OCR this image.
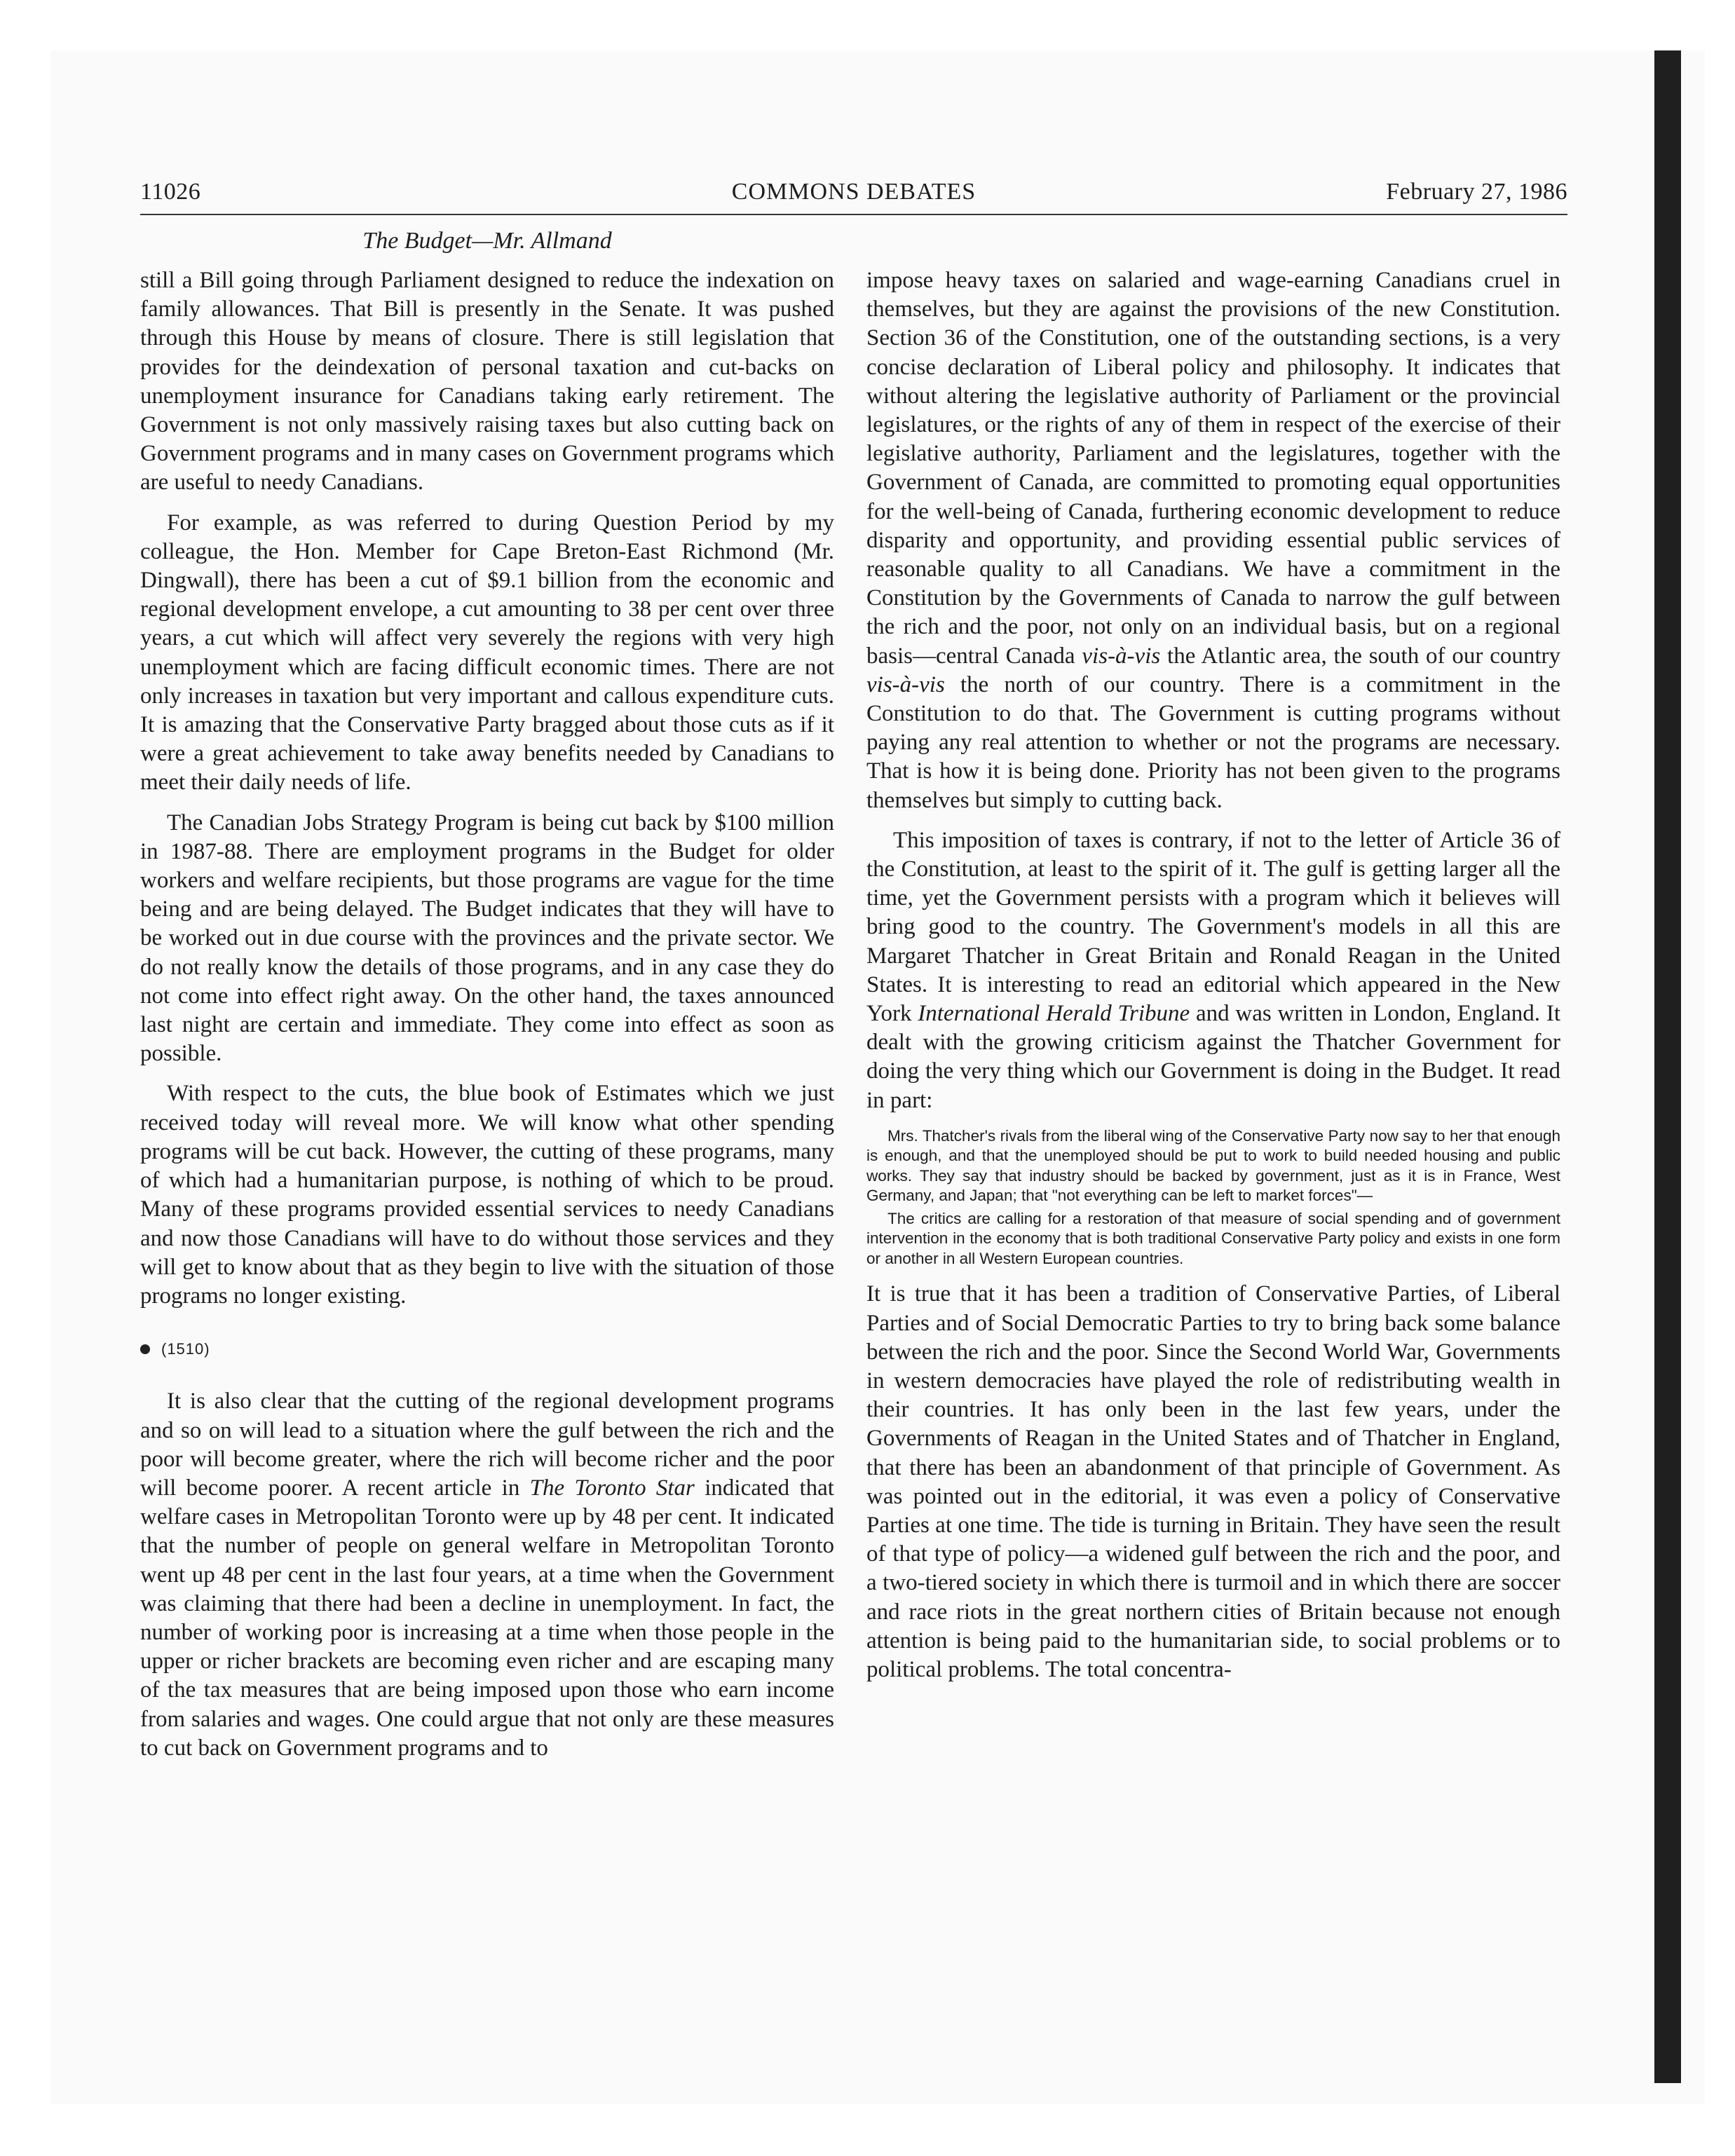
COMMONS DEBATES
11026	February 27, 1986
The Budget—Mr. Allmand

still a Bill going through Parliament designed to reduce the indexation on family allowances. That Bill is presently in the Senate. It was pushed through this House by means of closure. There is still legislation that provides for the deindexation of personal taxation and cut-backs on unemployment insurance for Canadians taking early retirement. The Government is not only massively raising taxes but also cutting back on Government programs and in many cases on Government programs which are useful to needy Canadians.

For example, as was referred to during Question Period by my colleague, the Hon. Member for Cape Breton-East Richmond (Mr. Dingwall), there has been a cut of $9.1 billion from the economic and regional development envelope, a cut amounting to 38 per cent over three years, a cut which will affect very severely the regions with very high unemployment which are facing difficult economic times. There are not only increases in taxation but very important and callous expenditure cuts. It is amazing that the Conservative Party bragged about those cuts as if it were a great achievement to take away benefits needed by Canadians to meet their daily needs of life.

The Canadian Jobs Strategy Program is being cut back by $100 million in 1987-88. There are employment programs in the Budget for older workers and welfare recipients, but those programs are vague for the time being and are being delayed. The Budget indicates that they will have to be worked out in due course with the provinces and the private sector. We do not really know the details of those programs, and in any case they do not come into effect right away. On the other hand, the taxes announced last night are certain and immediate. They come into effect as soon as possible.

With respect to the cuts, the blue book of Estimates which we just received today will reveal more. We will know what other spending programs will be cut back. However, the cutting of these programs, many of which had a humanitarian purpose, is nothing of which to be proud. Many of these programs provided essential services to needy Canadians and now those Canadians will have to do without those services and they will get to know about that as they begin to live with the situation of those programs no longer existing.

(1510)

It is also clear that the cutting of the regional development programs and so on will lead to a situation where the gulf between the rich and the poor will become greater, where the rich will become richer and the poor will become poorer. A recent article in The Toronto Star indicated that welfare cases in Metropolitan Toronto were up by 48 per cent. It indicated that the number of people on general welfare in Metropolitan Toronto went up 48 per cent in the last four years, at a time when the Government was claiming that there had been a decline in unemployment. In fact, the number of working poor is increasing at a time when those people in the upper or richer brackets are becoming even richer and are escaping many of the tax measures that are being imposed upon those who earn income from salaries and wages. One could argue that not only are these measures to cut back on Government programs and to

impose heavy taxes on salaried and wage-earning Canadians cruel in themselves, but they are against the provisions of the new Constitution. Section 36 of the Constitution, one of the outstanding sections, is a very concise declaration of Liberal policy and philosophy. It indicates that without altering the legislative authority of Parliament or the provincial legislatures, or the rights of any of them in respect of the exercise of their legislative authority, Parliament and the legislatures, together with the Government of Canada, are committed to promoting equal opportunities for the well-being of Canada, furthering economic development to reduce disparity and opportunity, and providing essential public services of reasonable quality to all Canadians. We have a commitment in the Constitution by the Governments of Canada to narrow the gulf between the rich and the poor, not only on an individual basis, but on a regional basis—central Canada vis-à-vis the Atlantic area, the south of our country vis-à-vis the north of our country. There is a commitment in the Constitution to do that. The Government is cutting programs without paying any real attention to whether or not the programs are necessary. That is how it is being done. Priority has not been given to the programs themselves but simply to cutting back.

This imposition of taxes is contrary, if not to the letter of Article 36 of the Constitution, at least to the spirit of it. The gulf is getting larger all the time, yet the Government persists with a program which it believes will bring good to the country. The Government's models in all this are Margaret Thatcher in Great Britain and Ronald Reagan in the United States. It is interesting to read an editorial which appeared in the New York International Herald Tribune and was written in London, England. It dealt with the growing criticism against the Thatcher Government for doing the very thing which our Government is doing in the Budget. It read in part:

Mrs. Thatcher's rivals from the liberal wing of the Conservative Party now say to her that enough is enough, and that the unemployed should be put to work to build needed housing and public works. They say that industry should be backed by government, just as it is in France, West Germany, and Japan; that "not everything can be left to market forces"—

The critics are calling for a restoration of that measure of social spending and of government intervention in the economy that is both traditional Conservative Party policy and exists in one form or another in all Western European countries.

It is true that it has been a tradition of Conservative Parties, of Liberal Parties and of Social Democratic Parties to try to bring back some balance between the rich and the poor. Since the Second World War, Governments in western democracies have played the role of redistributing wealth in their countries. It has only been in the last few years, under the Governments of Reagan in the United States and of Thatcher in England, that there has been an abandonment of that principle of Government. As was pointed out in the editorial, it was even a policy of Conservative Parties at one time. The tide is turning in Britain. They have seen the result of that type of policy—a widened gulf between the rich and the poor, and a two-tiered society in which there is turmoil and in which there are soccer and race riots in the great northern cities of Britain because not enough attention is being paid to the humanitarian side, to social problems or to political problems. The total concentra-
